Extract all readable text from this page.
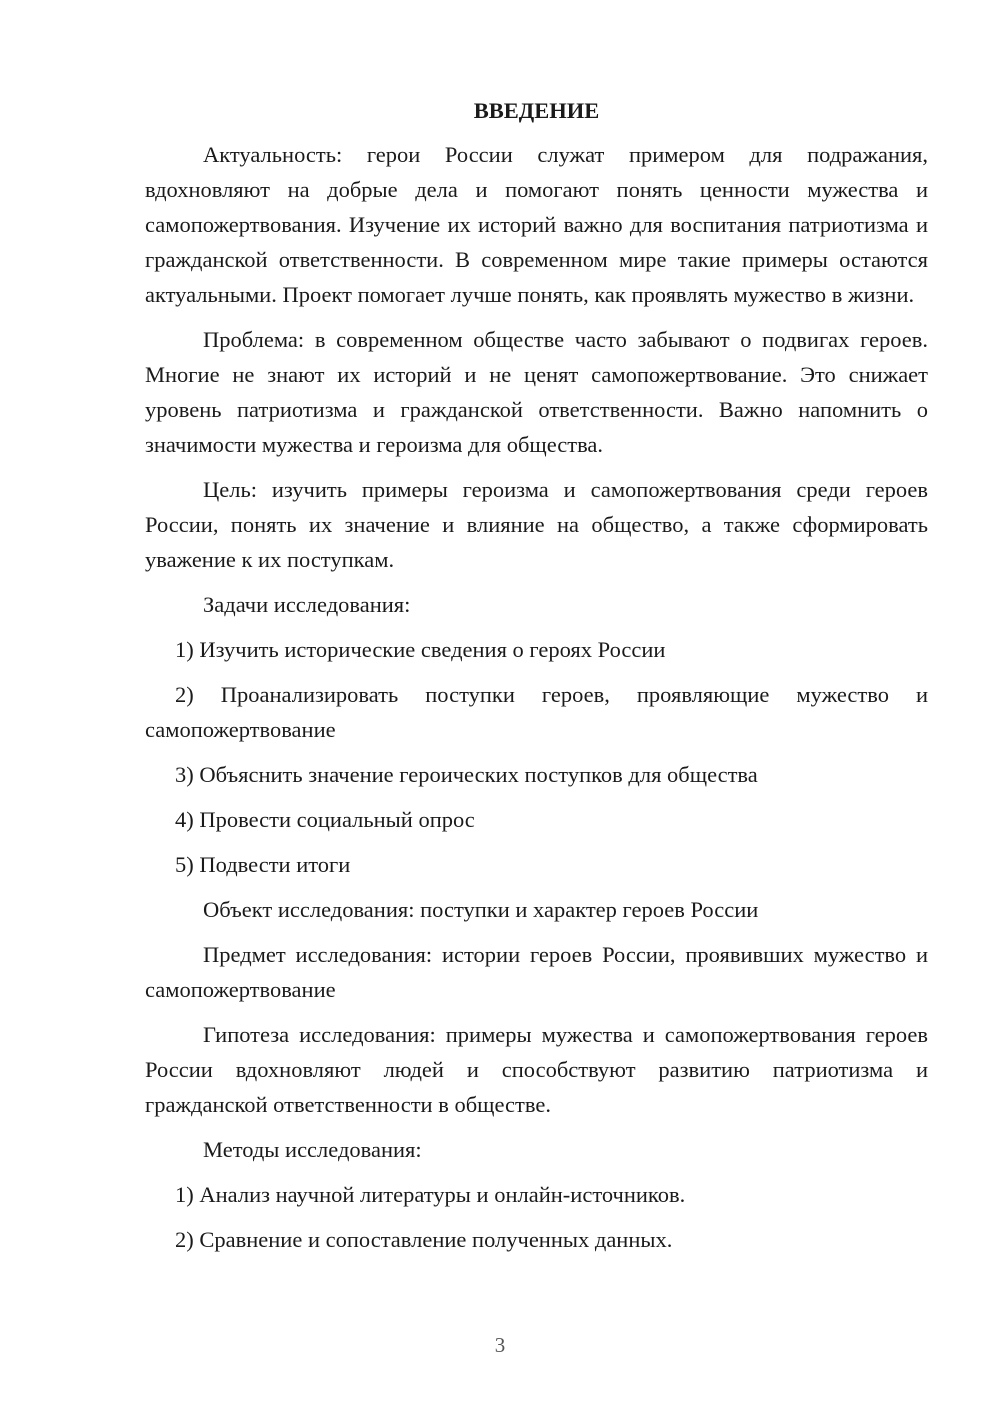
ВВЕДЕНИЕ

Актуальность: герои России служат примером для подражания, вдохновляют на добрые дела и помогают понять ценности мужества и самопожертвования. Изучение их историй важно для воспитания патриотизма и гражданской ответственности. В современном мире такие примеры остаются актуальными. Проект помогает лучше понять, как проявлять мужество в жизни.

Проблема: в современном обществе часто забывают о подвигах героев. Многие не знают их историй и не ценят самопожертвование. Это снижает уровень патриотизма и гражданской ответственности. Важно напомнить о значимости мужества и героизма для общества.

Цель: изучить примеры героизма и самопожертвования среди героев России, понять их значение и влияние на общество, а также сформировать уважение к их поступкам.

Задачи исследования:

1) Изучить исторические сведения о героях России

2) Проанализировать поступки героев, проявляющие мужество и самопожертвование

3) Объяснить значение героических поступков для общества

4) Провести социальный опрос

5) Подвести итоги

Объект исследования: поступки и характер героев России

Предмет исследования: истории героев России, проявивших мужество и самопожертвование

Гипотеза исследования: примеры мужества и самопожертвования героев России вдохновляют людей и способствуют развитию патриотизма и гражданской ответственности в обществе.

Методы исследования:

1) Анализ научной литературы и онлайн-источников.

2) Сравнение и сопоставление полученных данных.

3
